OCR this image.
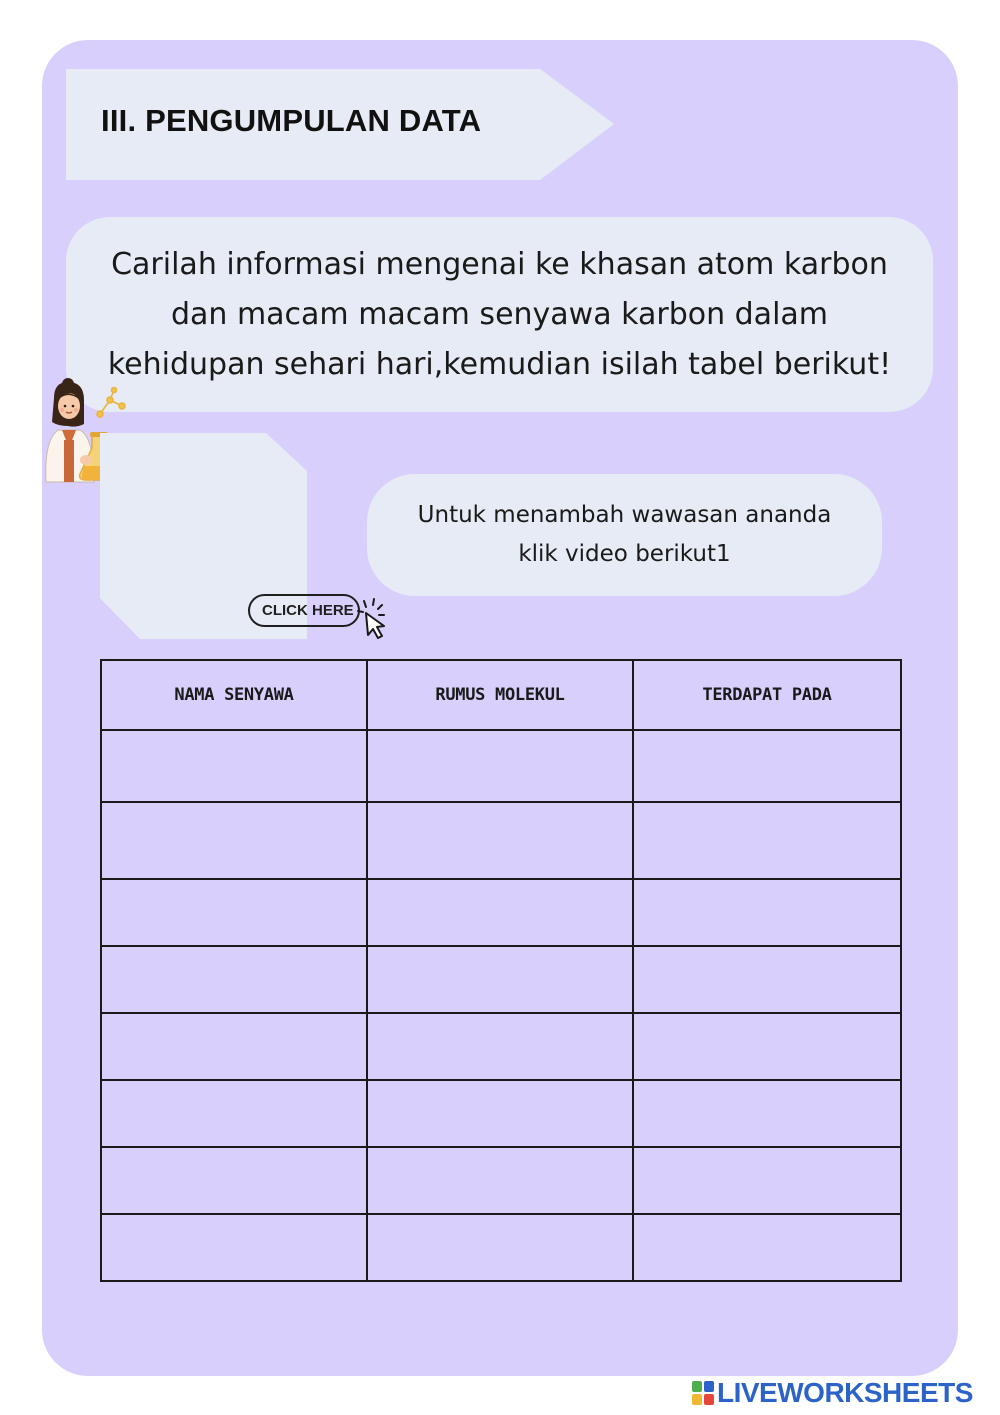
III. PENGUMPULAN DATA
Carilah informasi mengenai ke khasan atom karbon
dan macam macam senyawa karbon dalam
kehidupan sehari hari,kemudian isilah tabel berikut!
Untuk menambah wawasan ananda
klik video berikut1
CLICK HERE
NAMA SENYAWA	RUMUS MOLEKUL	TERDAPAT PADA

LIVEWORKSHEETS
